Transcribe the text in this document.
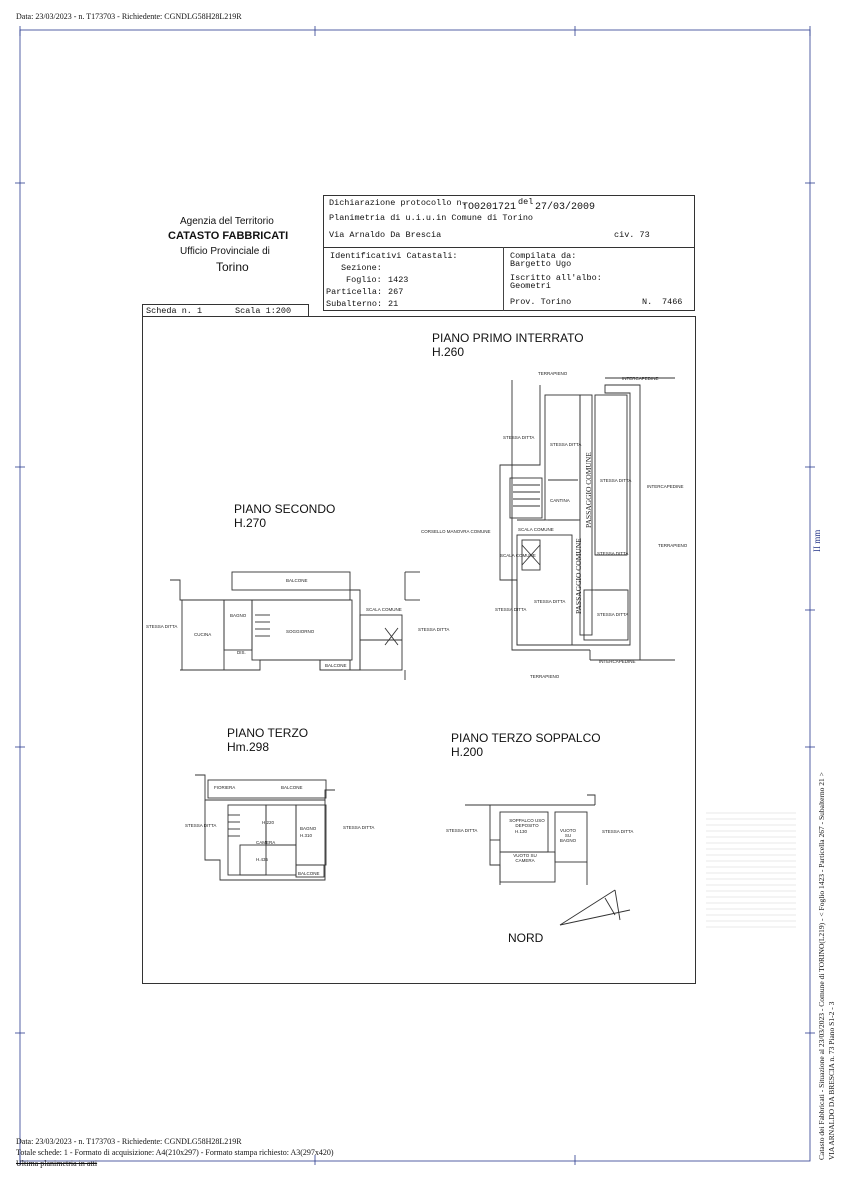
Data: 23/03/2023 - n. T173703 - Richiedente: CGNDLG58H28L219R
Agenzia del Territorio
CATASTO FABBRICATI
Ufficio Provinciale di
Torino
Dichiarazione protocollo n.
TO0201721 del 27/03/2009
Planimetria di u.i.u.in Comune di Torino
Via Arnaldo Da Brescia	civ. 73
Identificativi Catastali:
Sezione:
Foglio: 1423
Particella: 267
Subalterno: 21
Compilata da:
Bargetto Ugo
Iscritto all'albo:
Geometri
Prov. Torino	N. 7466
Scheda n. 1	Scala 1:200
PIANO PRIMO INTERRATO
H.260
PIANO SECONDO
H.270
PIANO TERZO
Hm.298
PIANO TERZO SOPPALCO
H.200
TERRAPIENO
INTERCAPEDINE
STESSA DITTA
STESSA DITTA
STESSA DITTA
INTERCAPEDINE
CANTINA
CORSELLO MANOVRA COMUNE	SCALA COMUNE
TERRAPIENO
STESSA DITTA
SCALA COMUNE
STESSA DITTA
STESSA DITTA
STESSA DITTA
INTERCAPEDINE
TERRAPIENO
PASSAGGIO COMUNE
PASSAGGIO COMUNE
BALCONE
BAGNO
SCALA COMUNE
STESSA DITTA
STESSA DITTA
CUCINA
SOGGIORNO
DIS.
BALCONE
FIORIERA	BALCONE
H.220
STESSA DITTA
BAGNO	STESSA DITTA
H.310
CAMERA
H.435
BALCONE
SOPPALCO USO DEPOSITO
H.130
STESSA DITTA	VUOTO SU BAGNO
STESSA DITTA
VUOTO SU CAMERA
NORD
Data: 23/03/2023 - n. T173703 - Richiedente: CGNDLG58H28L219R
Totale schede: 1 - Formato di acquisizione: A4(210x297) - Formato stampa richiesto: A3(297x420)
Ultima planimetria in atti
Catasto dei Fabbricati - Situazione al 23/03/2023 - Comune di TORINO(L219) - < Foglio 1423 - Particella 267 - Subalterno 21 > VIA ARNALDO DA BRESCIA n. 73 Piano S1-2 - 3
II mm
